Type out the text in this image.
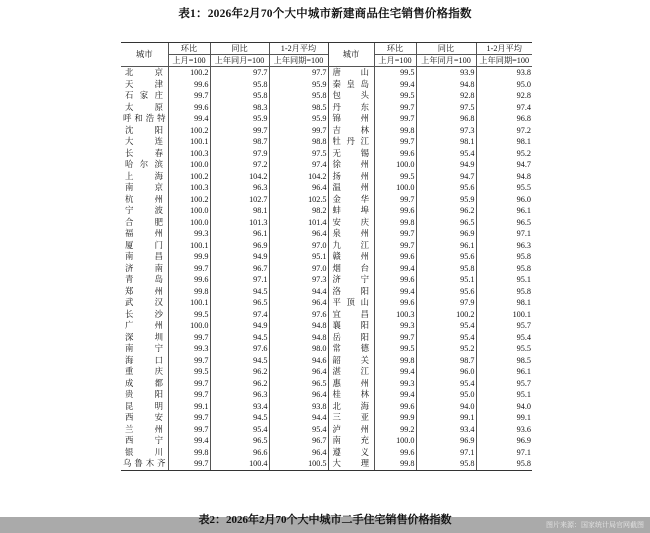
表1：2026年2月70个大中城市新建商品住宅销售价格指数
城市	环比	同比	1-2月平均	城市	环比	同比	1-2月平均
	上月=100	上年同月=100	上年同期=100		上月=100	上年同月=100	上年同期=100
北京	100.2	97.7	97.7	唐山	99.5	93.9	93.8
天津	99.6	95.8	95.9	秦皇岛	99.4	94.8	95.0
石家庄	99.7	95.8	95.8	包头	99.5	92.8	92.8
太原	99.6	98.3	98.5	丹东	99.7	97.5	97.4
呼和浩特	99.4	95.9	95.9	锦州	99.7	96.8	96.8
沈阳	100.2	99.7	99.7	吉林	99.8	97.3	97.2
大连	100.1	98.7	98.8	牡丹江	99.7	98.1	98.1
长春	100.3	97.9	97.5	无锡	99.6	95.4	95.2
哈尔滨	100.0	97.2	97.4	徐州	100.0	94.9	94.7
上海	100.2	104.2	104.2	扬州	99.5	94.7	94.8
南京	100.3	96.3	96.4	温州	100.0	95.6	95.5
杭州	100.2	102.7	102.5	金华	99.7	95.9	96.0
宁波	100.0	98.1	98.2	蚌埠	99.6	96.2	96.1
合肥	100.0	101.3	101.4	安庆	99.8	96.5	96.5
福州	99.3	96.1	96.4	泉州	99.7	96.9	97.1
厦门	100.1	96.9	97.0	九江	99.7	96.1	96.3
南昌	99.9	94.9	95.1	赣州	99.6	95.6	95.8
济南	99.7	96.7	97.0	烟台	99.4	95.8	95.8
青岛	99.6	97.1	97.3	济宁	99.6	95.1	95.1
郑州	99.8	94.5	94.4	洛阳	99.4	95.6	95.8
武汉	100.1	96.5	96.4	平顶山	99.6	97.9	98.1
长沙	99.5	97.4	97.6	宜昌	100.3	100.2	100.1
广州	100.0	94.9	94.8	襄阳	99.3	95.4	95.7
深圳	99.7	94.5	94.8	岳阳	99.7	95.4	95.4
南宁	99.3	97.6	98.0	常德	99.5	95.2	95.5
海口	99.7	94.5	94.6	韶关	99.8	98.7	98.5
重庆	99.5	96.2	96.4	湛江	99.4	96.0	96.1
成都	99.7	96.2	96.5	惠州	99.3	95.4	95.7
贵阳	99.7	96.3	96.4	桂林	99.4	95.0	95.1
昆明	99.1	93.4	93.8	北海	99.6	94.0	94.0
西安	99.7	94.5	94.4	三亚	99.9	99.1	99.1
兰州	99.7	95.4	95.4	泸州	99.2	93.4	93.6
西宁	99.4	96.5	96.7	南充	100.0	96.9	96.9
银川	99.8	96.6	96.4	遵义	99.6	97.1	97.1
乌鲁木齐	99.7	100.4	100.5	大理	99.8	95.8	95.8
表2：2026年2月70个大中城市二手住宅销售价格指数	图片来源：国家统计局官网截图
